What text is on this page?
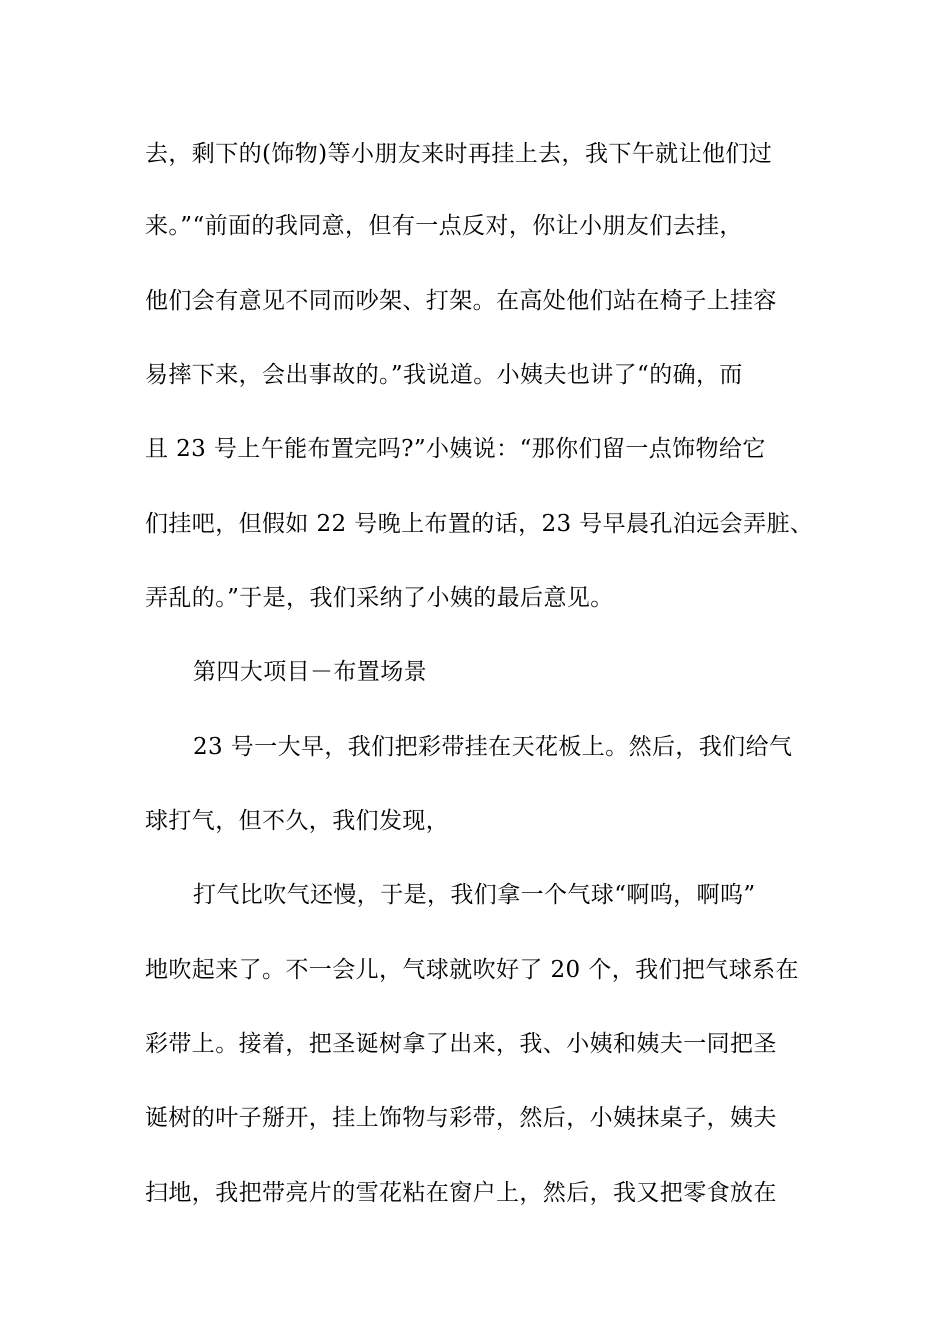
去，剩下的(饰物)等小朋友来时再挂上去，我下午就让他们过
来。”“前面的我同意，但有一点反对，你让小朋友们去挂，
他们会有意见不同而吵架、打架。在高处他们站在椅子上挂容
易摔下来，会出事故的。”我说道。小姨夫也讲了“的确，而
且 23 号上午能布置完吗?”小姨说：“那你们留一点饰物给它
们挂吧，但假如 22 号晚上布置的话，23 号早晨孔泊远会弄脏、
弄乱的。”于是，我们采纳了小姨的最后意见。
第四大项目－布置场景
23 号一大早，我们把彩带挂在天花板上。然后，我们给气
球打气，但不久，我们发现，
打气比吹气还慢，于是，我们拿一个气球“啊呜，啊呜”
地吹起来了。不一会儿，气球就吹好了 20 个，我们把气球系在
彩带上。接着，把圣诞树拿了出来，我、小姨和姨夫一同把圣
诞树的叶子掰开，挂上饰物与彩带，然后，小姨抹桌子，姨夫
扫地，我把带亮片的雪花粘在窗户上，然后，我又把零食放在
